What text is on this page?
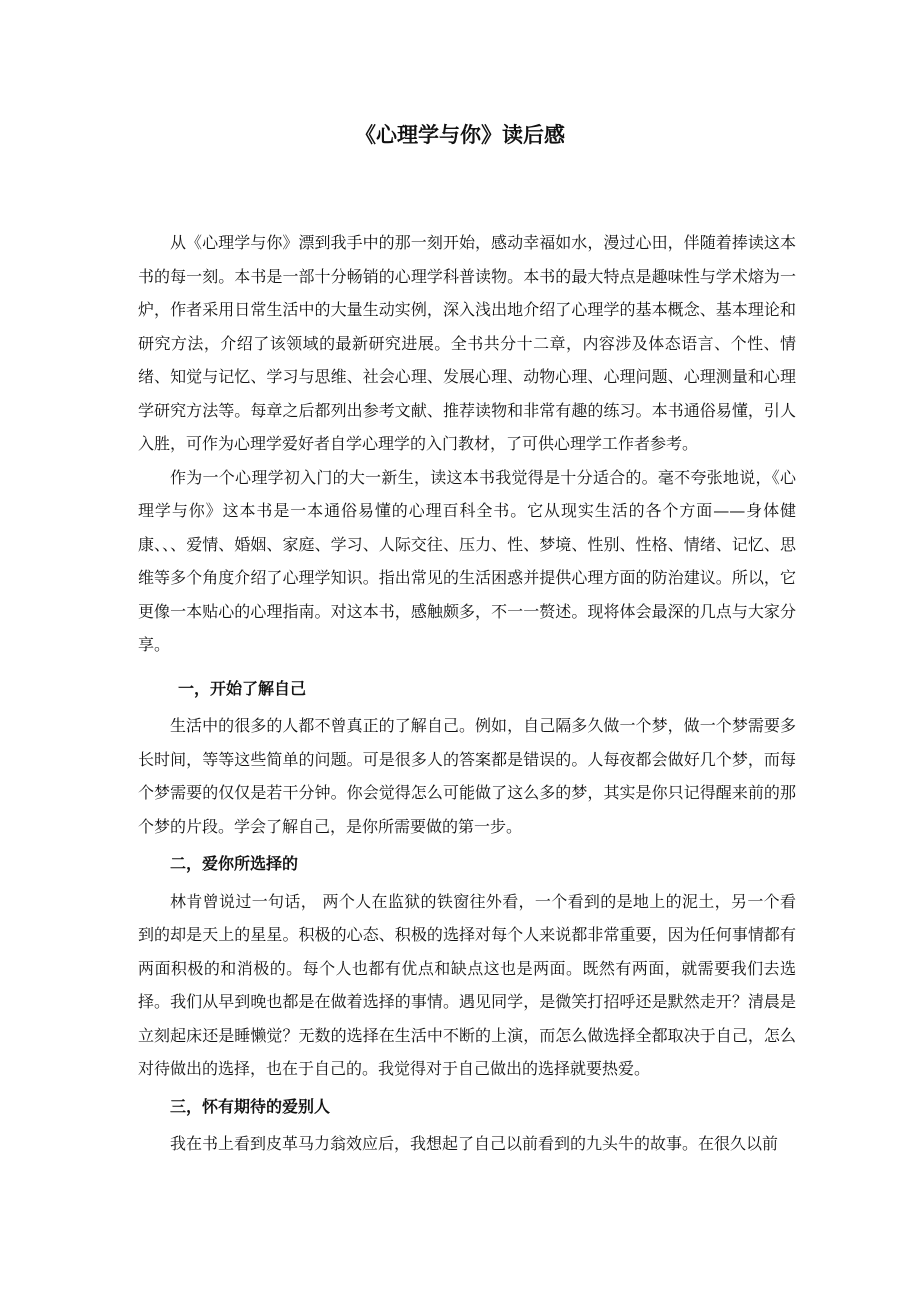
《心理学与你》读后感

从《心理学与你》漂到我手中的那一刻开始，感动幸福如水，漫过心田，伴随着捧读这本书的每一刻。本书是一部十分畅销的心理学科普读物。本书的最大特点是趣味性与学术熔为一炉，作者采用日常生活中的大量生动实例，深入浅出地介绍了心理学的基本概念、基本理论和研究方法，介绍了该领域的最新研究进展。全书共分十二章，内容涉及体态语言、个性、情绪、知觉与记忆、学习与思维、社会心理、发展心理、动物心理、心理问题、心理测量和心理学研究方法等。每章之后都列出参考文献、推荐读物和非常有趣的练习。本书通俗易懂，引人入胜，可作为心理学爱好者自学心理学的入门教材，了可供心理学工作者参考。

作为一个心理学初入门的大一新生，读这本书我觉得是十分适合的。毫不夸张地说，《心理学与你》这本书是一本通俗易懂的心理百科全书。它从现实生活的各个方面——身体健康、、、爱情、婚姻、家庭、学习、人际交往、压力、性、梦境、性别、性格、情绪、记忆、思维等多个角度介绍了心理学知识。指出常见的生活困惑并提供心理方面的防治建议。所以，它更像一本贴心的心理指南。对这本书，感触颇多，不一一赘述。现将体会最深的几点与大家分享。

一，开始了解自己

生活中的很多的人都不曾真正的了解自己。例如，自己隔多久做一个梦，做一个梦需要多长时间，等等这些简单的问题。可是很多人的答案都是错误的。人每夜都会做好几个梦，而每个梦需要的仅仅是若干分钟。你会觉得怎么可能做了这么多的梦，其实是你只记得醒来前的那个梦的片段。学会了解自己，是你所需要做的第一步。

二，爱你所选择的

林肯曾说过一句话， 两个人在监狱的铁窗往外看，一个看到的是地上的泥土，另一个看到的却是天上的星星。积极的心态、积极的选择对每个人来说都非常重要，因为任何事情都有两面积极的和消极的。每个人也都有优点和缺点这也是两面。既然有两面，就需要我们去选择。我们从早到晚也都是在做着选择的事情。遇见同学，是微笑打招呼还是默然走开？清晨是立刻起床还是睡懒觉？无数的选择在生活中不断的上演，而怎么做选择全都取决于自己，怎么对待做出的选择，也在于自己的。我觉得对于自己做出的选择就要热爱。

三，怀有期待的爱别人

我在书上看到皮革马力翁效应后，我想起了自己以前看到的九头牛的故事。在很久以前
